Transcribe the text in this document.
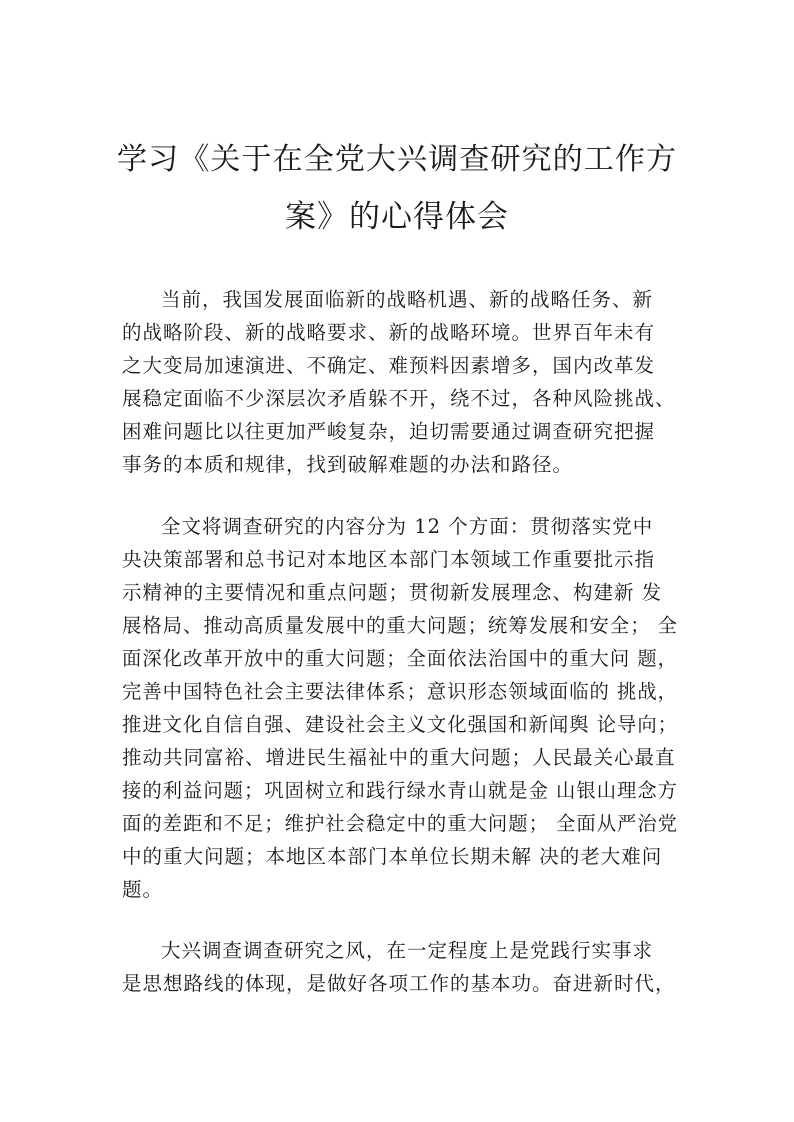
学习《关于在全党大兴调查研究的工作方
案》的心得体会
当前，我国发展面临新的战略机遇、新的战略任务、新
的战略阶段、新的战略要求、新的战略环境。世界百年未有
之大变局加速演进、不确定、难预料因素增多，国内改革发
展稳定面临不少深层次矛盾躲不开，绕不过，各种风险挑战、
困难问题比以往更加严峻复杂，迫切需要通过调查研究把握
事务的本质和规律，找到破解难题的办法和路径。
全文将调查研究的内容分为 12 个方面：贯彻落实党中
央决策部署和总书记对本地区本部门本领域工作重要批示指
示精神的主要情况和重点问题；贯彻新发展理念、构建新 发
展格局、推动高质量发展中的重大问题；统筹发展和安全； 全
面深化改革开放中的重大问题；全面依法治国中的重大问 题，
完善中国特色社会主要法律体系；意识形态领域面临的 挑战，
推进文化自信自强、建设社会主义文化强国和新闻舆 论导向；
推动共同富裕、增进民生福祉中的重大问题；人民最关心最直
接的利益问题；巩固树立和践行绿水青山就是金 山银山理念方
面的差距和不足；维护社会稳定中的重大问题； 全面从严治党
中的重大问题；本地区本部门本单位长期未解 决的老大难问
题。
大兴调查调查研究之风，在一定程度上是党践行实事求
是思想路线的体现，是做好各项工作的基本功。奋进新时代，
